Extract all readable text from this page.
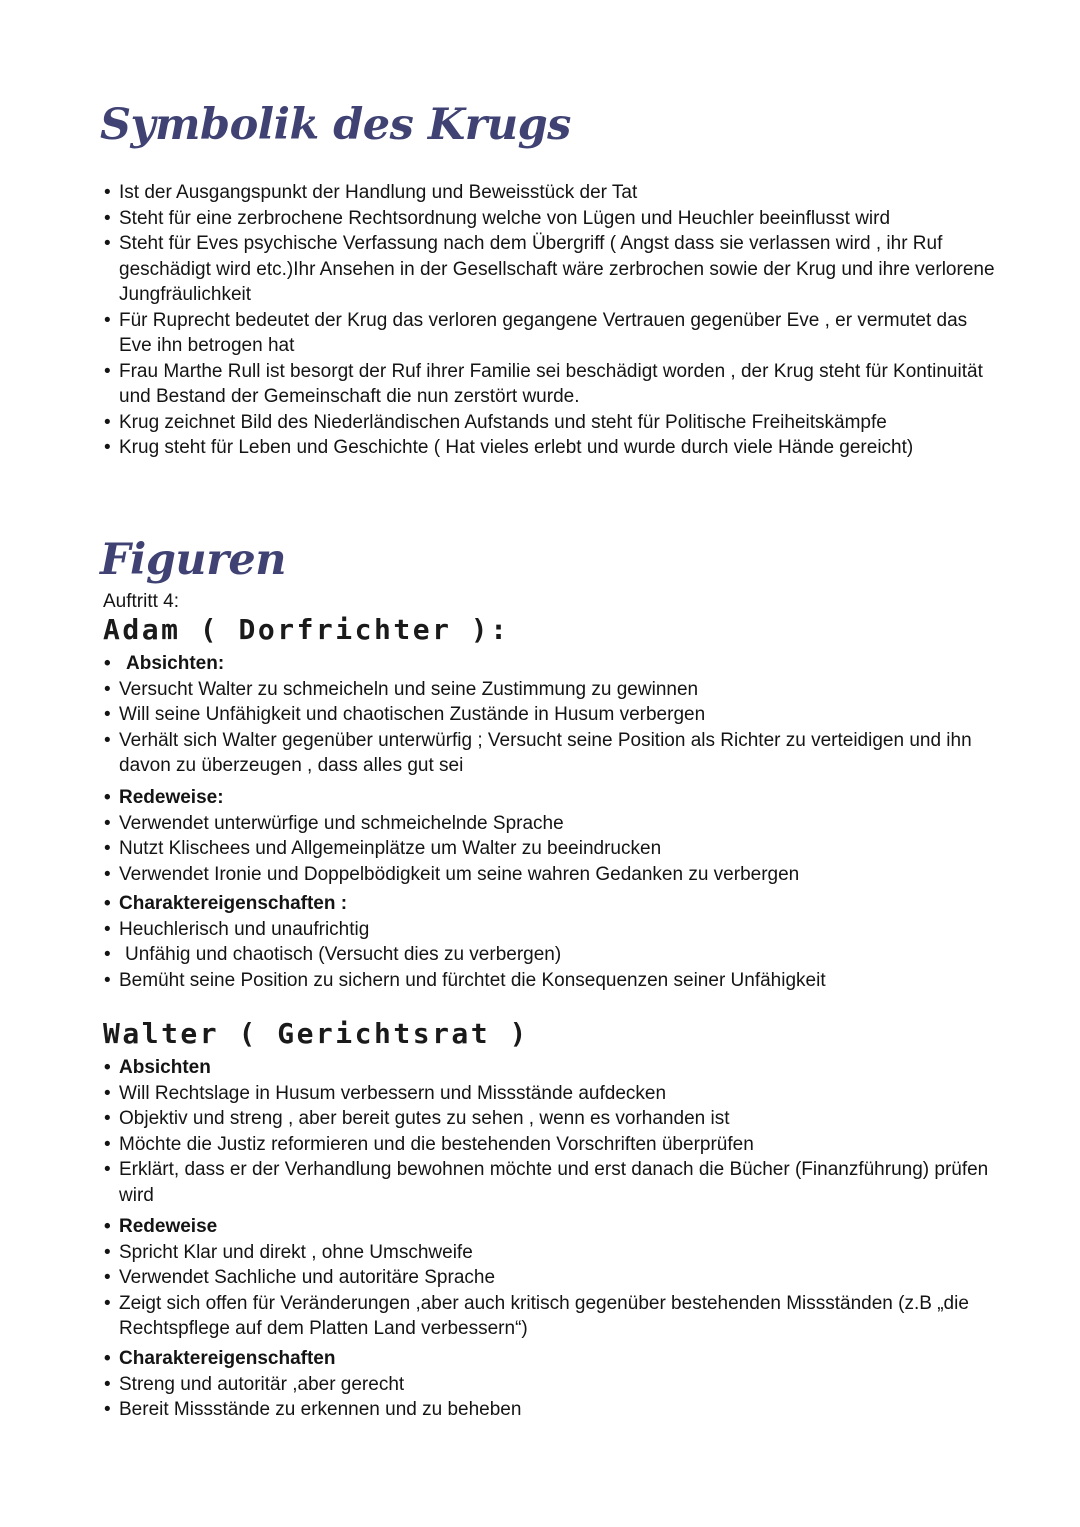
Symbolik des Krugs
• Ist der Ausgangspunkt der Handlung und Beweisstück der Tat
• Steht für eine zerbrochene Rechtsordnung welche von Lügen und Heuchler beeinflusst wird
• Steht für Eves psychische Verfassung nach dem Übergriff ( Angst dass sie verlassen wird , ihr Ruf geschädigt wird etc.)Ihr Ansehen in der Gesellschaft wäre zerbrochen sowie der Krug und ihre verlorene Jungfräulichkeit
• Für Ruprecht bedeutet der Krug das verloren gegangene Vertrauen gegenüber Eve , er vermutet das Eve ihn betrogen hat
• Frau Marthe Rull ist besorgt der Ruf ihrer Familie sei beschädigt worden , der Krug steht für Kontinuität und Bestand der Gemeinschaft die nun zerstört wurde.
• Krug zeichnet Bild des Niederländischen Aufstands und steht für Politische Freiheitskämpfe
• Krug steht für Leben und Geschichte ( Hat vieles erlebt und wurde durch viele Hände gereicht)
Figuren

Auftritt 4:

Adam ( Dorfrichter ):
• Absichten:
• Versucht Walter zu schmeicheln und seine Zustimmung zu gewinnen
• Will seine Unfähigkeit und chaotischen Zustände in Husum verbergen
• Verhält sich Walter gegenüber unterwürfig ; Versucht seine Position als Richter zu verteidigen und ihn davon zu überzeugen , dass alles gut sei
• Redeweise:
• Verwendet unterwürfige und schmeichelnde Sprache
• Nutzt Klischees und Allgemeinplätze um Walter zu beeindrucken
• Verwendet Ironie und Doppelbödigkeit um seine wahren Gedanken zu verbergen
• Charaktereigenschaften :
• Heuchlerisch und unaufrichtig
• Unfähig und chaotisch (Versucht dies zu verbergen)
• Bemüht seine Position zu sichern und fürchtet die Konsequenzen seiner Unfähigkeit
Walter ( Gerichtsrat )
• Absichten
• Will Rechtslage in Husum verbessern und Missstände aufdecken
• Objektiv und streng , aber bereit gutes zu sehen , wenn es vorhanden ist
• Möchte die Justiz reformieren und die bestehenden Vorschriften überprüfen
• Erklärt, dass er der Verhandlung bewohnen möchte und erst danach die Bücher (Finanzführung) prüfen wird
• Redeweise
• Spricht Klar und direkt , ohne Umschweife
• Verwendet Sachliche und autoritäre Sprache
• Zeigt sich offen für Veränderungen ,aber auch kritisch gegenüber bestehenden Missständen (z.B „die Rechtspflege auf dem Platten Land verbessern“)
• Charaktereigenschaften
• Streng und autoritär ,aber gerecht
• Bereit Missstände zu erkennen und zu beheben
